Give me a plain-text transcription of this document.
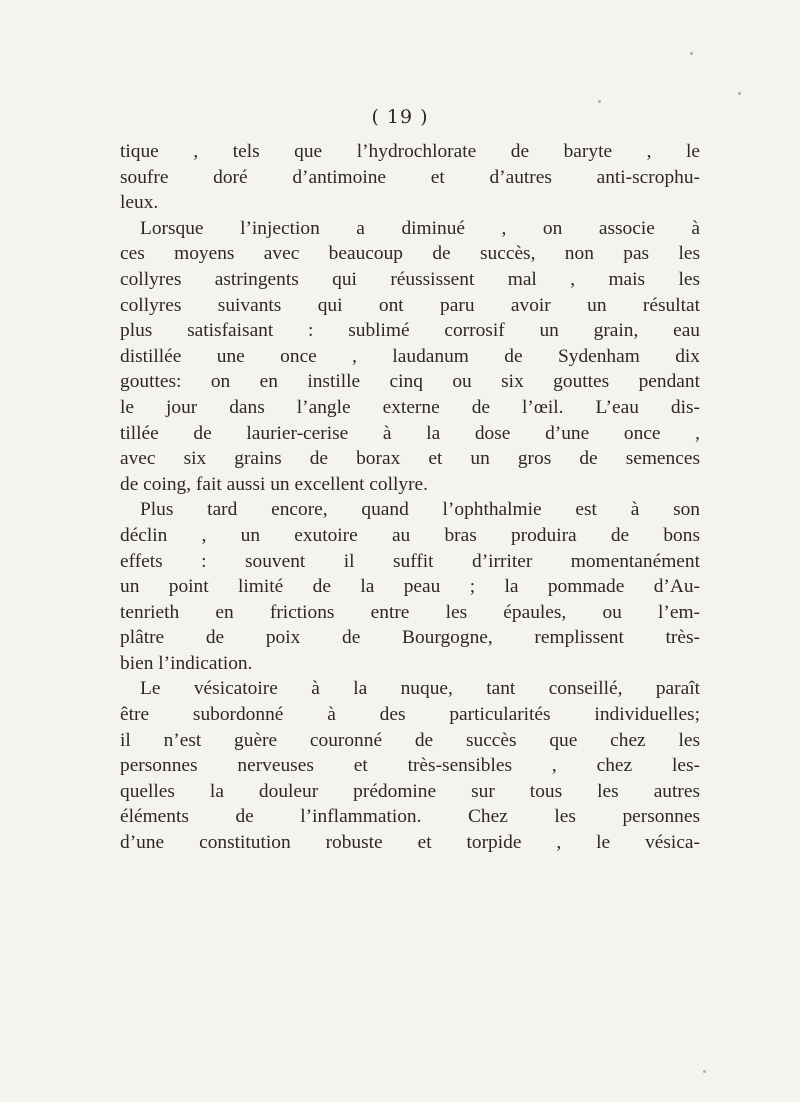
( 19 )
tique , tels que l’hydrochlorate de baryte , le
soufre doré d’antimoine et d’autres anti-scrophu-
leux.
Lorsque l’injection a diminué , on associe à
ces moyens avec beaucoup de succès, non pas les
collyres astringents qui réussissent mal , mais les
collyres suivants qui ont paru avoir un résultat
plus satisfaisant : sublimé corrosif un grain, eau
distillée une once , laudanum de Sydenham dix
gouttes: on en instille cinq ou six gouttes pendant
le jour dans l’angle externe de l’œil. L’eau dis-
tillée de laurier-cerise à la dose d’une once ,
avec six grains de borax et un gros de semences
de coing, fait aussi un excellent collyre.
Plus tard encore, quand l’ophthalmie est à son
déclin , un exutoire au bras produira de bons
effets : souvent il suffit d’irriter momentanément
un point limité de la peau ; la pommade d’Au-
tenrieth en frictions entre les épaules, ou l’em-
plâtre de poix de Bourgogne, remplissent très-
bien l’indication.
Le vésicatoire à la nuque, tant conseillé, paraît
être subordonné à des particularités individuelles;
il n’est guère couronné de succès que chez les
personnes nerveuses et très-sensibles , chez les-
quelles la douleur prédomine sur tous les autres
éléments de l’inflammation. Chez les personnes
d’une constitution robuste et torpide , le vésica-
